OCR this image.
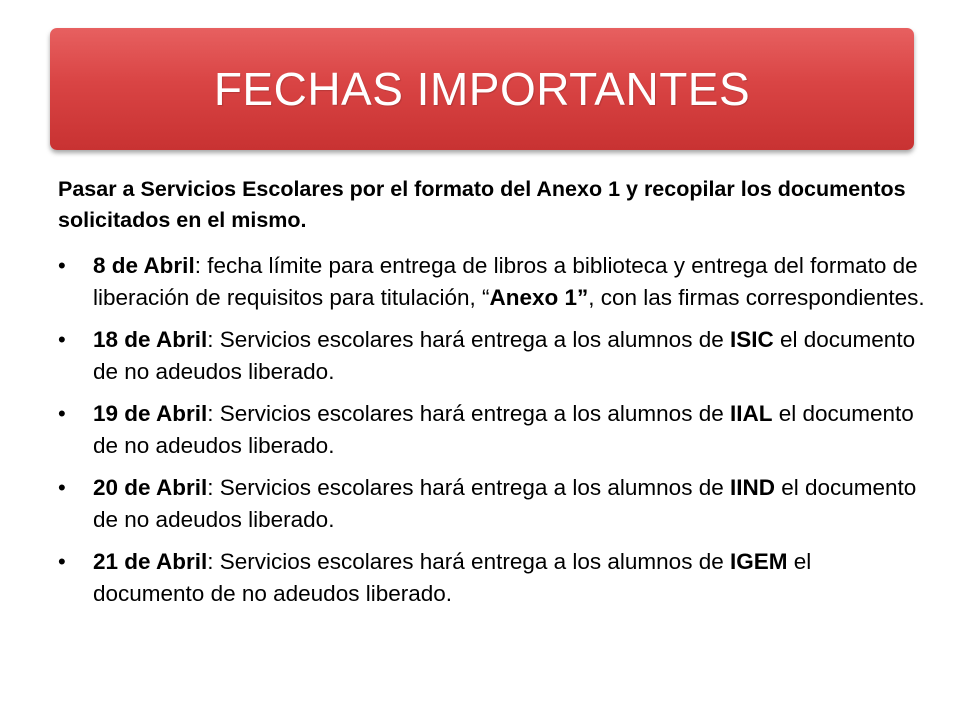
FECHAS IMPORTANTES

Pasar a Servicios Escolares por el formato del Anexo 1 y recopilar los documentos solicitados en el mismo.

• 8 de Abril: fecha límite para entrega de libros a biblioteca y entrega del formato de liberación de requisitos para titulación, “Anexo 1”, con las firmas correspondientes.
• 18 de Abril: Servicios escolares hará entrega a los alumnos de ISIC el documento de no adeudos liberado.
• 19 de Abril: Servicios escolares hará entrega a los alumnos de IIAL el documento de no adeudos liberado.
• 20 de Abril: Servicios escolares hará entrega a los alumnos de IIND el documento de no adeudos liberado.
• 21 de Abril: Servicios escolares hará entrega a los alumnos de IGEM el documento de no adeudos liberado.
